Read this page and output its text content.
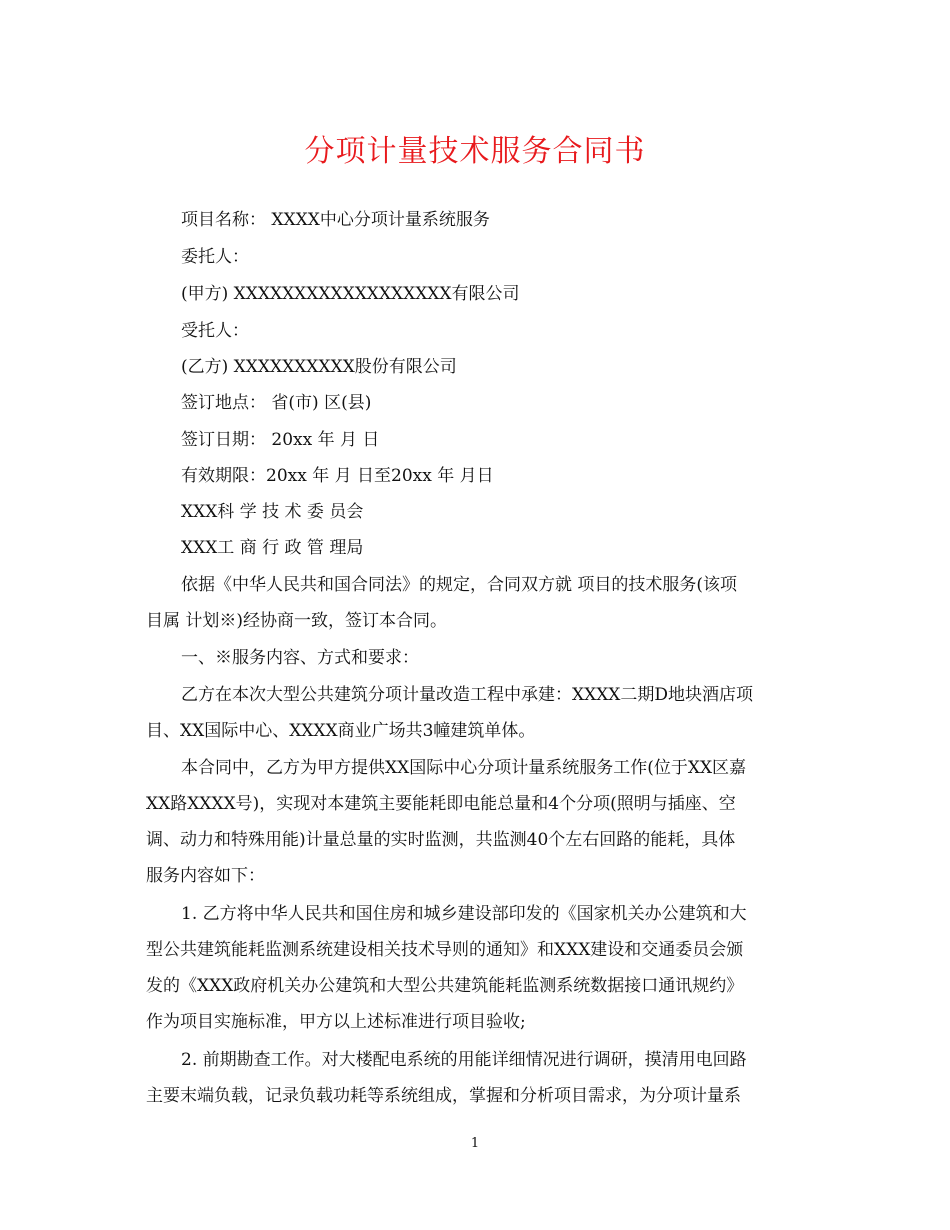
分项计量技术服务合同书
项目名称： XXXX中心分项计量系统服务
委托人：
(甲方) XXXXXXXXXXXXXXXXXX有限公司
受托人：
(乙方) XXXXXXXXXX股份有限公司
签订地点： 省(市) 区(县)
签订日期： 20xx 年 月 日
有效期限：20xx 年 月 日至20xx 年 月日
XXX科 学 技 术 委 员会
XXX工 商 行 政 管 理局
依据《中华人民共和国合同法》的规定，合同双方就 项目的技术服务(该项
目属 计划※)经协商一致，签订本合同。
一、※服务内容、方式和要求：
乙方在本次大型公共建筑分项计量改造工程中承建：XXXX二期D地块酒店项
目、XX国际中心、XXXX商业广场共3幢建筑单体。
本合同中，乙方为甲方提供XX国际中心分项计量系统服务工作(位于XX区嘉
XX路XXXX号)，实现对本建筑主要能耗即电能总量和4个分项(照明与插座、空
调、动力和特殊用能)计量总量的实时监测，共监测40个左右回路的能耗，具体
服务内容如下：
1. 乙方将中华人民共和国住房和城乡建设部印发的《国家机关办公建筑和大
型公共建筑能耗监测系统建设相关技术导则的通知》和XXX建设和交通委员会颁
发的《XXX政府机关办公建筑和大型公共建筑能耗监测系统数据接口通讯规约》
作为项目实施标准，甲方以上述标准进行项目验收;
2. 前期勘查工作。对大楼配电系统的用能详细情况进行调研，摸清用电回路
主要末端负载，记录负载功耗等系统组成，掌握和分析项目需求，为分项计量系
1
